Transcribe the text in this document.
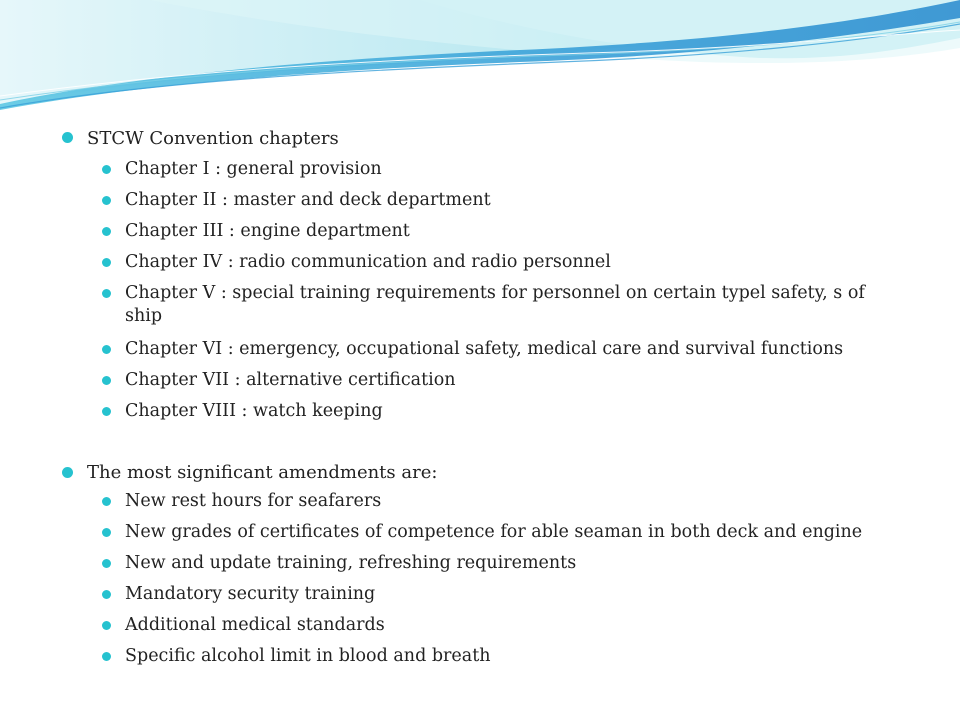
STCW Convention chapters
Chapter I : general provision
Chapter II : master and deck department
Chapter III : engine department
Chapter IV : radio communication and radio personnel
Chapter V : special training requirements for personnel on certain typel safety, s of ship
Chapter VI : emergency, occupational safety, medical care and survival functions
Chapter VII : alternative certification
Chapter VIII : watch keeping
The most significant amendments are:
New rest hours for seafarers
New grades of certificates of competence for able seaman in both deck and engine
New and update training, refreshing requirements
Mandatory security training
Additional medical standards
Specific alcohol limit in blood and breath
